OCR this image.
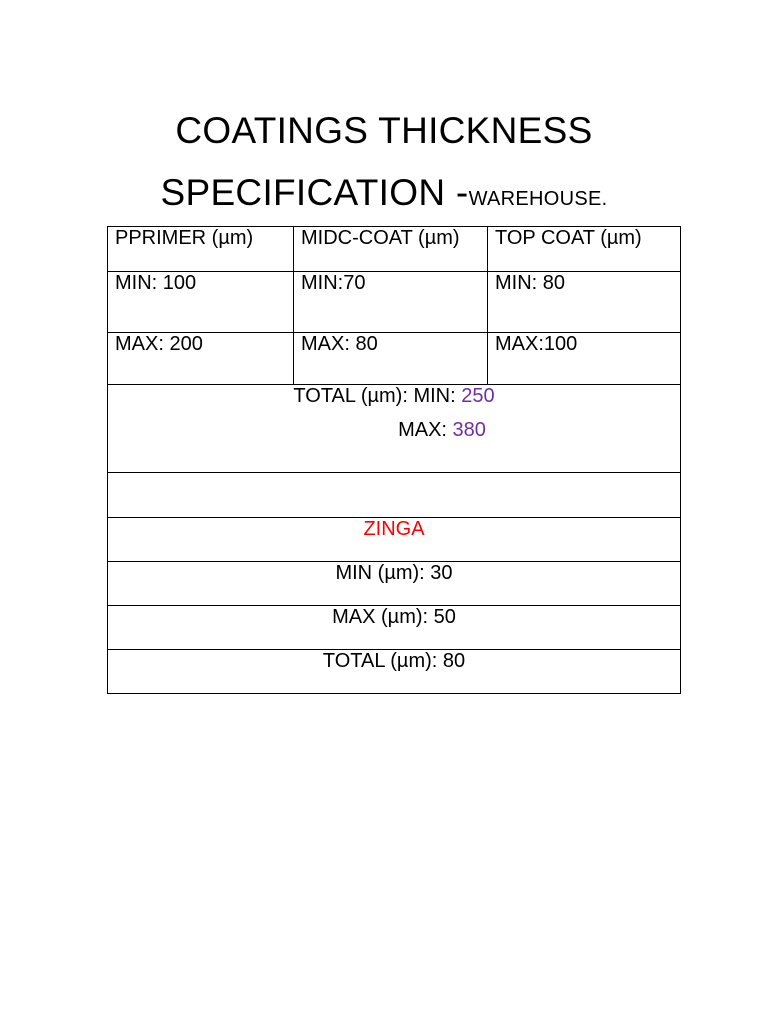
COATINGS THICKNESS
SPECIFICATION -WAREHOUSE.
PPRIMER (µm)	MIDC-COAT (µm)	TOP COAT (µm)
MIN: 100	MIN:70	MIN: 80
MAX: 200	MAX: 80	MAX:100

TOTAL (µm): MIN: 250
MAX: 380		

ZINGA		
MIN (µm): 30		
MAX (µm): 50		
TOTAL (µm): 80		
